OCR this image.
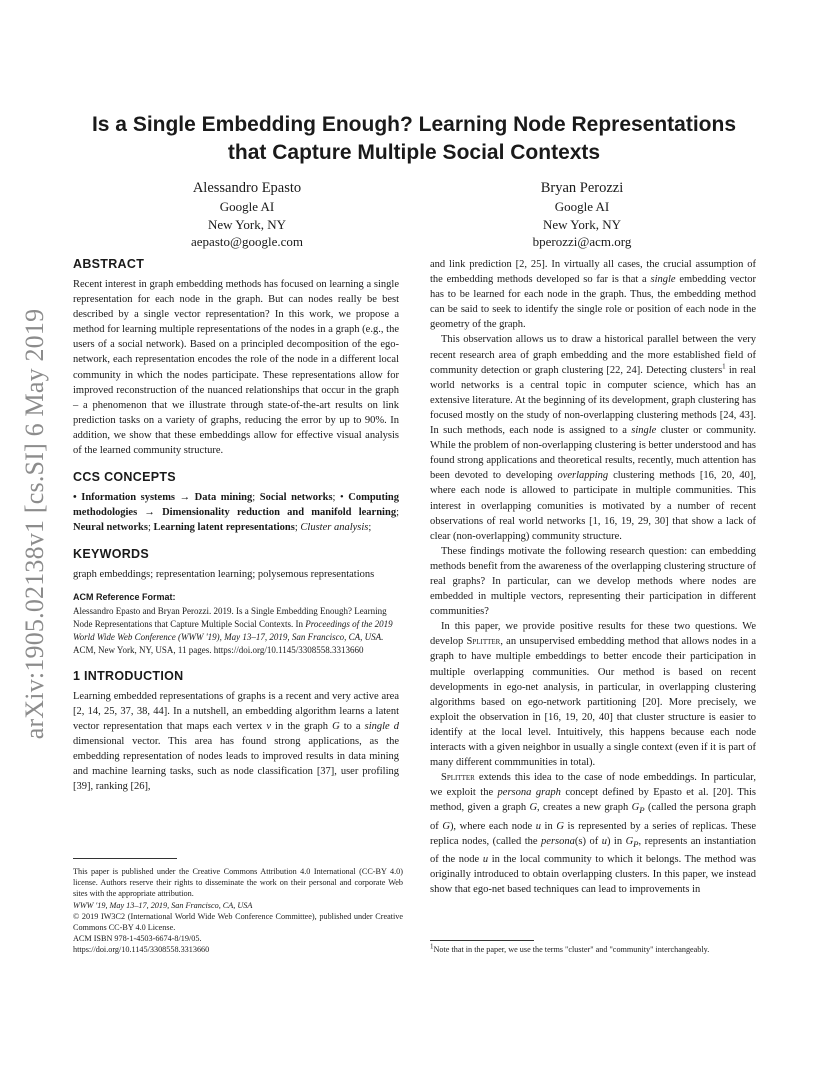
arXiv:1905.02138v1 [cs.SI] 6 May 2019
Is a Single Embedding Enough? Learning Node Representations
that Capture Multiple Social Contexts
Alessandro Epasto
Google AI
New York, NY
aepasto@google.com
Bryan Perozzi
Google AI
New York, NY
bperozzi@acm.org
ABSTRACT

Recent interest in graph embedding methods has focused on learning a single representation for each node in the graph. But can nodes really be best described by a single vector representation? In this work, we propose a method for learning multiple representations of the nodes in a graph (e.g., the users of a social network). Based on a principled decomposition of the ego-network, each representation encodes the role of the node in a different local community in which the nodes participate. These representations allow for improved reconstruction of the nuanced relationships that occur in the graph – a phenomenon that we illustrate through state-of-the-art results on link prediction tasks on a variety of graphs, reducing the error by up to 90%. In addition, we show that these embeddings allow for effective visual analysis of the learned community structure.

CCS CONCEPTS

• Information systems → Data mining; Social networks; • Computing methodologies → Dimensionality reduction and manifold learning; Neural networks; Learning latent representations; Cluster analysis;

KEYWORDS

graph embeddings; representation learning; polysemous representations

ACM Reference Format:
Alessandro Epasto and Bryan Perozzi. 2019. Is a Single Embedding Enough? Learning Node Representations that Capture Multiple Social Contexts. In Proceedings of the 2019 World Wide Web Conference (WWW '19), May 13–17, 2019, San Francisco, CA, USA. ACM, New York, NY, USA, 11 pages. https://doi.org/10.1145/3308558.3313660
1 INTRODUCTION

Learning embedded representations of graphs is a recent and very active area [2, 14, 25, 37, 38, 44]. In a nutshell, an embedding algorithm learns a latent vector representation that maps each vertex v in the graph G to a single d dimensional vector. This area has found strong applications, as the embedding representation of nodes leads to improved results in data mining and machine learning tasks, such as node classification [37], user profiling [39], ranking [26],

and link prediction [2, 25]. In virtually all cases, the crucial assumption of the embedding methods developed so far is that a single embedding vector has to be learned for each node in the graph. Thus, the embedding method can be said to seek to identify the single role or position of each node in the geometry of the graph.

This observation allows us to draw a historical parallel between the very recent research area of graph embedding and the more established field of community detection or graph clustering [22, 24]. Detecting clusters$^1$ in real world networks is a central topic in computer science, which has an extensive literature. At the beginning of its development, graph clustering has focused mostly on the study of non-overlapping clustering methods [24, 43]. In such methods, each node is assigned to a single cluster or community. While the problem of non-overlapping clustering is better understood and has found strong applications and theoretical results, recently, much attention has been devoted to developing overlapping clustering methods [16, 20, 40], where each node is allowed to participate in multiple communities. This interest in overlapping comunities is motivated by a number of recent observations of real world networks [1, 16, 19, 29, 30] that show a lack of clear (non-overlapping) community structure.

These findings motivate the following research question: can embedding methods benefit from the awareness of the overlapping clustering structure of real graphs? In particular, can we develop methods where nodes are embedded in multiple vectors, representing their participation in different communities?

In this paper, we provide positive results for these two questions. We develop Splitter, an unsupervised embedding method that allows nodes in a graph to have multiple embeddings to better encode their participation in multiple overlapping communities. Our method is based on recent developments in ego-net analysis, in particular, in overlapping clustering algorithms based on ego-network partitioning [20]. More precisely, we exploit the observation in [16, 19, 20, 40] that cluster structure is easier to identify at the local level. Intuitively, this happens because each node interacts with a given neighbor in usually a single context (even if it is part of many different commmunities in total).

Splitter extends this idea to the case of node embeddings. In particular, we exploit the persona graph concept defined by Epasto et al. [20]. This method, given a graph G, creates a new graph $G_P$ (called the persona graph of G), where each node u in G is represented by a series of replicas. These replica nodes, (called the persona(s) of u) in $G_P$, represents an instantiation of the node u in the local community to which it belongs. The method was originally introduced to obtain overlapping clusters. In this paper, we instead show that ego-net based techniques can lead to improvements in

This paper is published under the Creative Commons Attribution 4.0 International (CC-BY 4.0) license. Authors reserve their rights to disseminate the work on their personal and corporate Web sites with the appropriate attribution.

WWW '19, May 13–17, 2019, San Francisco, CA, USA

© 2019 IW3C2 (International World Wide Web Conference Committee), published under Creative Commons CC-BY 4.0 License.

ACM ISBN 978-1-4503-6674-8/19/05.

https://doi.org/10.1145/3308558.3313660	$^1$Note that in the paper, we use the terms "cluster" and "community" interchangeably.
